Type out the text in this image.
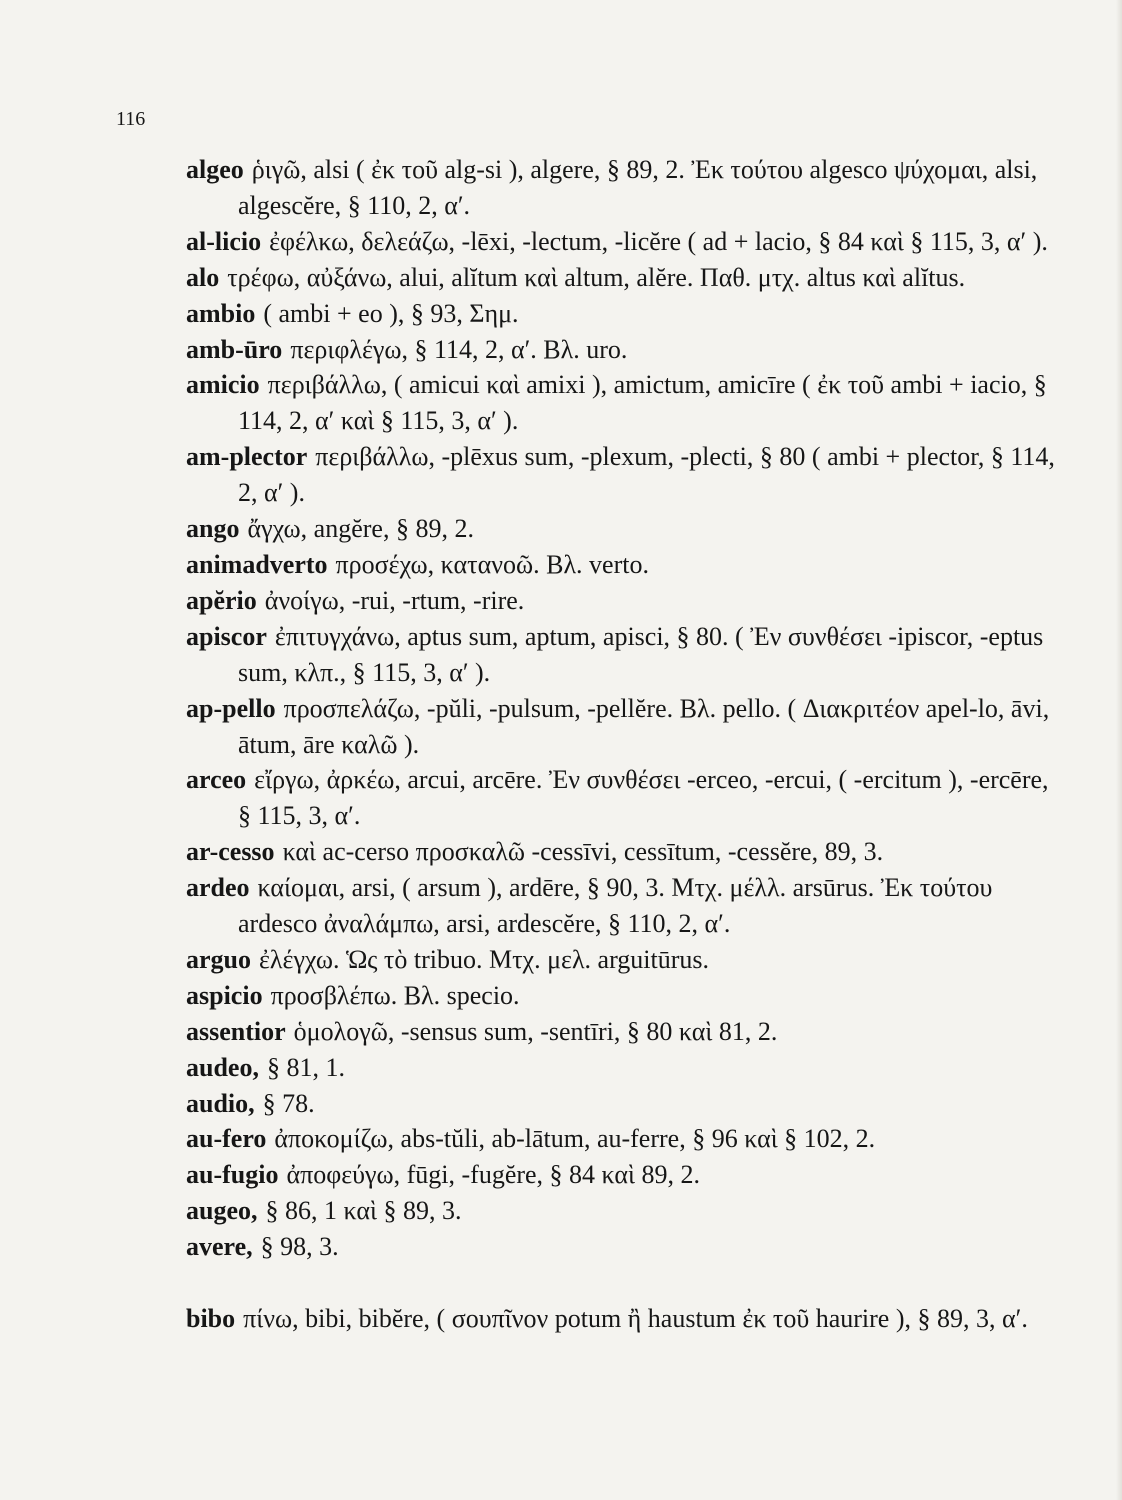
116
algeo ῥιγῶ, alsi ( ἐκ τοῦ alg-si ), algere, § 89, 2. Ἐκ τούτου algesco ψύχομαι, alsi, algescĕre, § 110, 2, α′.
al-licio ἐφέλκω, δελεάζω, -lēxi, -lectum, -licĕre ( ad + lacio, § 84 καὶ § 115, 3, α′ ).
alo τρέφω, αὐξάνω, alui, alĭtum καὶ altum, alĕre. Παθ. μτχ. altus καὶ alĭtus.
ambio ( ambi + eo ), § 93, Σημ.
amb-ūro περιφλέγω, § 114, 2, α′. Βλ. uro.
amicio περιβάλλω, ( amicui καὶ amixi ), amictum, amicīre ( ἐκ τοῦ ambi + iacio, § 114, 2, α′ καὶ § 115, 3, α′ ).
am-plector περιβάλλω, -plēxus sum, -plexum, -plecti, § 80 ( ambi + plector, § 114, 2, α′ ).
ango ἄγχω, angĕre, § 89, 2.
animadverto προσέχω, κατανοῶ. Βλ. verto.
apĕrio ἀνοίγω, -rui, -rtum, -rire.
apiscor ἐπιτυγχάνω, aptus sum, aptum, apisci, § 80. ( Ἐν συνθέσει -ipiscor, -eptus sum, κλπ., § 115, 3, α′ ).
ap-pello προσπελάζω, -pŭli, -pulsum, -pellĕre. Βλ. pello. ( Διακριτέον apel-lo, āvi, ātum, āre καλῶ ).
arceo εἴργω, ἀρκέω, arcui, arcēre. Ἐν συνθέσει -erceo, -ercui, ( -ercitum ), -ercēre, § 115, 3, α′.
ar-cesso καὶ ac-cerso προσκαλῶ -cessīvi, cessītum, -cessĕre, 89, 3.
ardeo καίομαι, arsi, ( arsum ), ardēre, § 90, 3. Μτχ. μέλλ. arsūrus. Ἐκ τούτου ardesco ἀναλάμπω, arsi, ardescĕre, § 110, 2, α′.
arguo ἐλέγχω. Ὡς τὸ tribuo. Μτχ. μελ. arguitūrus.
aspicio προσβλέπω. Βλ. specio.
assentior ὁμολογῶ, -sensus sum, -sentīri, § 80 καὶ 81, 2.
audeo, § 81, 1.
audio, § 78.
au-fero ἀποκομίζω, abs-tŭli, ab-lātum, au-ferre, § 96 καὶ § 102, 2.
au-fugio ἀποφεύγω, fūgi, -fugĕre, § 84 καὶ 89, 2.
augeo, § 86, 1 καὶ § 89, 3.
avere, § 98, 3.
bibo πίνω, bibi, bibĕre, ( σουπῖνον potum ἢ haustum ἐκ τοῦ haurire ), § 89, 3, α′.
